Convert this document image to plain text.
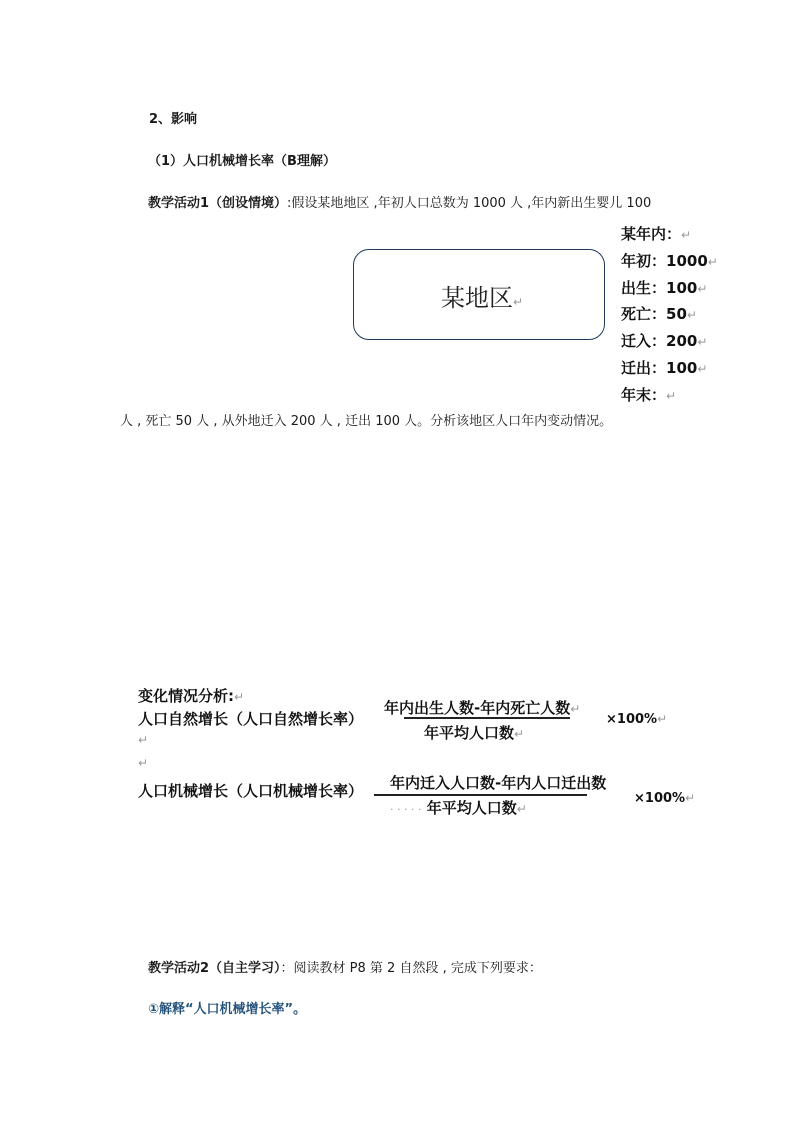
2、影响
（1）人口机械增长率（B理解）
教学活动1（创设情境）:假设某地地区 ,年初人口总数为 1000 人 ,年内新出生婴儿 100
某地区↵
某年内：↵
年初：1000↵
出生：100↵
死亡：50↵
迁入：200↵
迁出：100↵
年末：↵
人 , 死亡 50 人 , 从外地迁入 200 人 , 迁出 100 人。分析该地区人口年内变动情况。
变化情况分析:↵
人口自然增长（人口自然增长率）
年内出生人数-年内死亡人数↵
年平均人口数↵
×100%↵
↵
↵
人口机械增长（人口机械增长率） 年内迁入人口数-年内人口迁出数
· · · · · 年平均人口数↵
×100%↵
教学活动2（自主学习）：阅读教材 P8 第 2 自然段 , 完成下列要求：
①解释“人口机械增长率”。
